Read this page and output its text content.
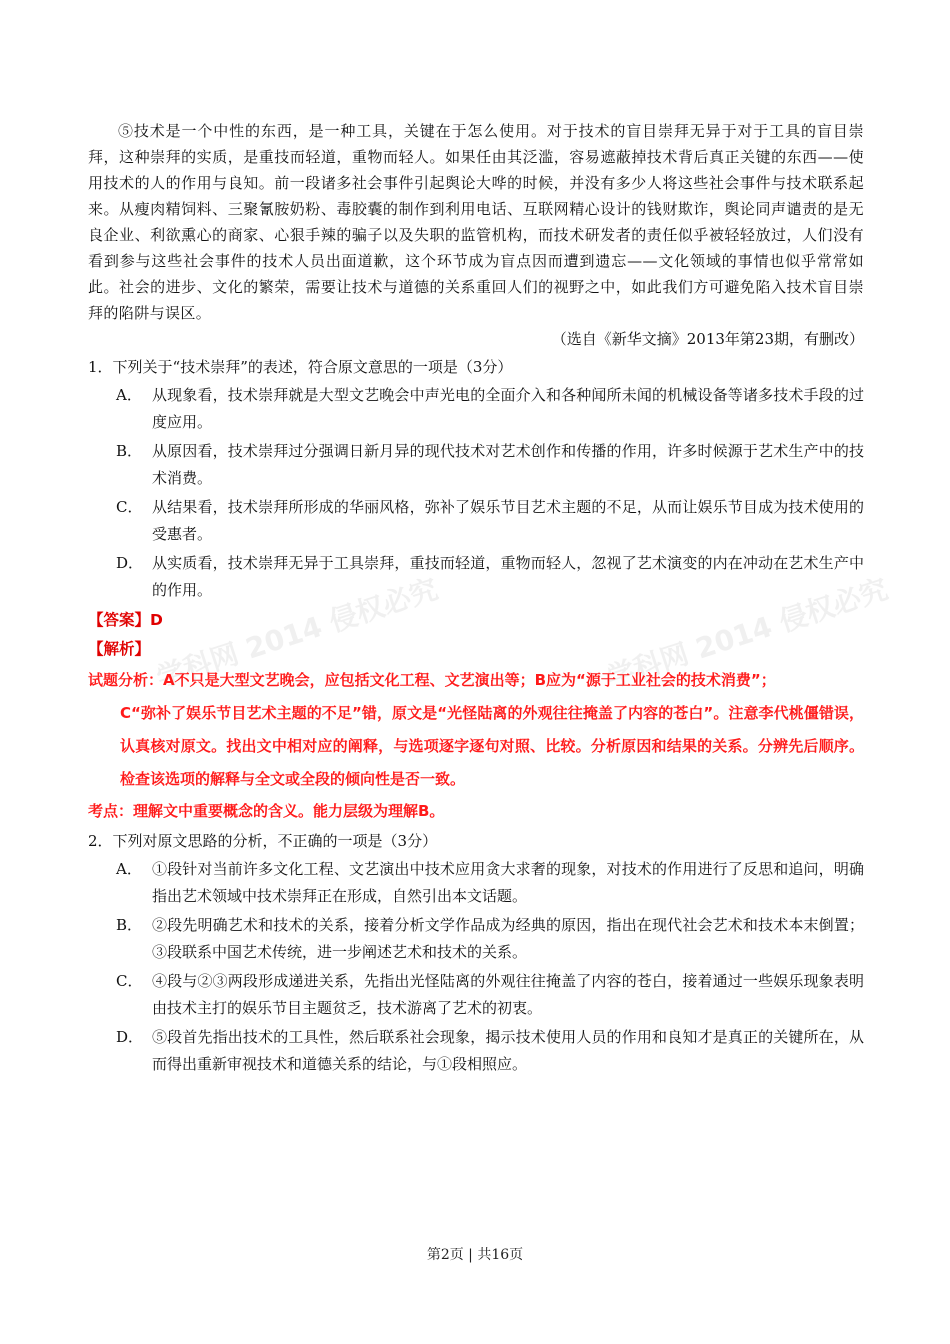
学科网 2014 侵权必究
学科网 2014 侵权必究

⑤技术是一个中性的东西，是一种工具，关键在于怎么使用。对于技术的盲目崇拜无异于对于工具的盲目崇拜，这种崇拜的实质，是重技而轻道，重物而轻人。如果任由其泛滥，容易遮蔽掉技术背后真正关键的东西——使用技术的人的作用与良知。前一段诸多社会事件引起舆论大哗的时候，并没有多少人将这些社会事件与技术联系起来。从瘦肉精饲料、三聚氰胺奶粉、毒胶囊的制作到利用电话、互联网精心设计的钱财欺诈，舆论同声谴责的是无良企业、利欲熏心的商家、心狠手辣的骗子以及失职的监管机构，而技术研发者的责任似乎被轻轻放过，人们没有看到参与这些社会事件的技术人员出面道歉，这个环节成为盲点因而遭到遗忘——文化领域的事情也似乎常常如此。社会的进步、文化的繁荣，需要让技术与道德的关系重回人们的视野之中，如此我们方可避免陷入技术盲目崇拜的陷阱与误区。

（选自《新华文摘》2013年第23期，有删改）

1．下列关于“技术崇拜”的表述，符合原文意思的一项是（3分）

A． 从现象看，技术崇拜就是大型文艺晚会中声光电的全面介入和各种闻所未闻的机械设备等诸多技术手段的过度应用。
B． 从原因看，技术崇拜过分强调日新月异的现代技术对艺术创作和传播的作用，许多时候源于艺术生产中的技术消费。
C． 从结果看，技术崇拜所形成的华丽风格，弥补了娱乐节目艺术主题的不足，从而让娱乐节目成为技术使用的受惠者。
D． 从实质看，技术崇拜无异于工具崇拜，重技而轻道，重物而轻人，忽视了艺术演变的内在冲动在艺术生产中的作用。

【答案】D

【解析】

试题分析：A不只是大型文艺晚会，应包括文化工程、文艺演出等；B应为“源于工业社会的技术消费”；
C“弥补了娱乐节目艺术主题的不足”错，原文是“光怪陆离的外观往往掩盖了内容的苍白”。注意李代桃僵错误，认真核对原文。找出文中相对应的阐释，与选项逐字逐句对照、比较。分析原因和结果的关系。分辨先后顺序。检查该选项的解释与全文或全段的倾向性是否一致。

考点：理解文中重要概念的含义。能力层级为理解B。

2．下列对原文思路的分析，不正确的一项是（3分）

A． ①段针对当前许多文化工程、文艺演出中技术应用贪大求奢的现象，对技术的作用进行了反思和追问，明确指出艺术领域中技术崇拜正在形成，自然引出本文话题。
B． ②段先明确艺术和技术的关系，接着分析文学作品成为经典的原因，指出在现代社会艺术和技术本末倒置；③段联系中国艺术传统，进一步阐述艺术和技术的关系。
C． ④段与②③两段形成递进关系，先指出光怪陆离的外观往往掩盖了内容的苍白，接着通过一些娱乐现象表明由技术主打的娱乐节目主题贫乏，技术游离了艺术的初衷。
D． ⑤段首先指出技术的工具性，然后联系社会现象，揭示技术使用人员的作用和良知才是真正的关键所在，从而得出重新审视技术和道德关系的结论，与①段相照应。
第2页 | 共16页
